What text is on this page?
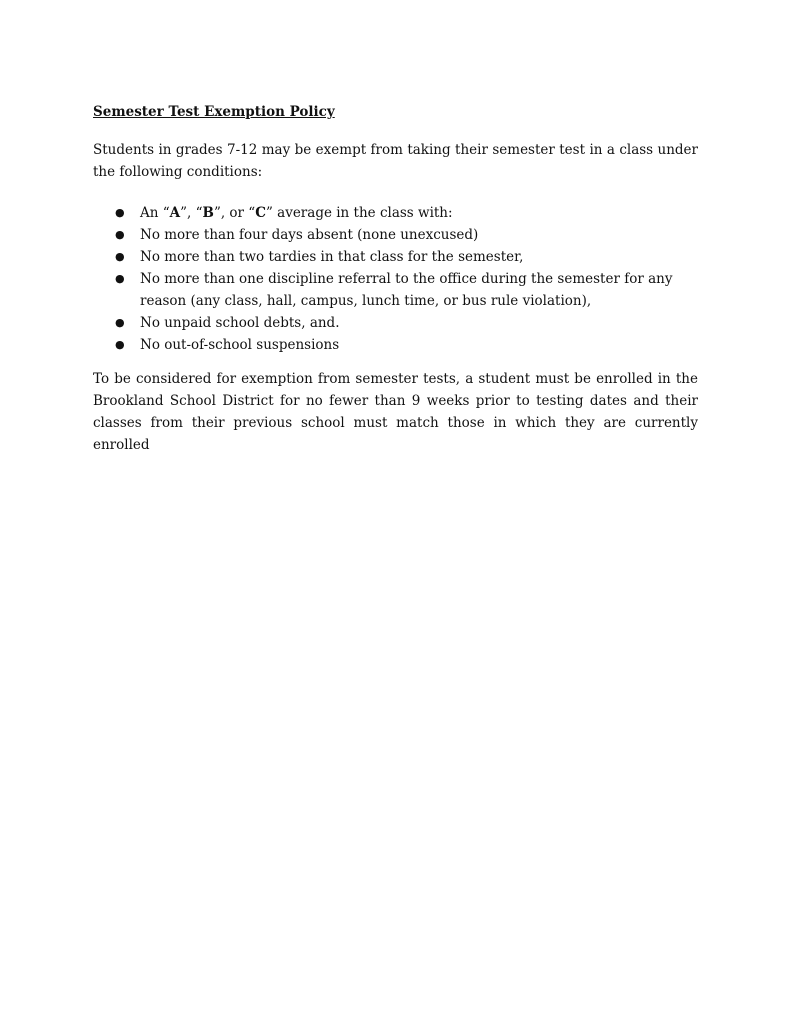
Semester Test Exemption Policy

Students in grades 7-12 may be exempt from taking their semester test in a class under the following conditions:

● An “A”, “B”, or “C” average in the class with:
● No more than four days absent (none unexcused)
● No more than two tardies in that class for the semester,
● No more than one discipline referral to the office during the semester for any reason (any class, hall, campus, lunch time, or bus rule violation),
● No unpaid school debts, and.
● No out-of-school suspensions

To be considered for exemption from semester tests, a student must be enrolled in the Brookland School District for no fewer than 9 weeks prior to testing dates and their classes from their previous school must match those in which they are currently enrolled
